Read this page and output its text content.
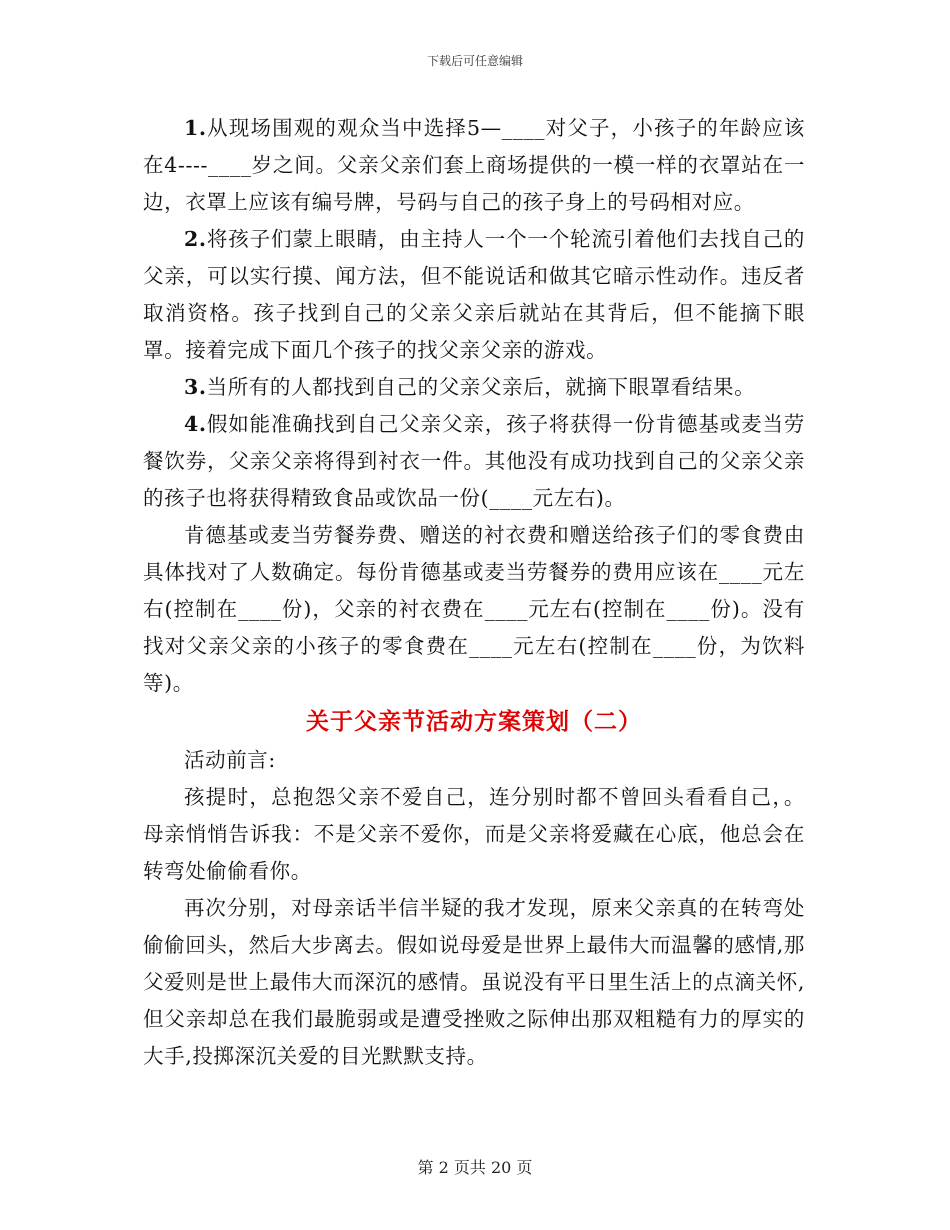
下载后可任意编辑

1.从现场围观的观众当中选择5—____对父子，小孩子的年龄应该在4----____岁之间。父亲父亲们套上商场提供的一模一样的衣罩站在一边，衣罩上应该有编号牌，号码与自己的孩子身上的号码相对应。

2.将孩子们蒙上眼睛，由主持人一个一个轮流引着他们去找自己的父亲，可以实行摸、闻方法，但不能说话和做其它暗示性动作。违反者取消资格。孩子找到自己的父亲父亲后就站在其背后，但不能摘下眼罩。接着完成下面几个孩子的找父亲父亲的游戏。

3.当所有的人都找到自己的父亲父亲后，就摘下眼罩看结果。

4.假如能准确找到自己父亲父亲，孩子将获得一份肯德基或麦当劳餐饮券，父亲父亲将得到衬衣一件。其他没有成功找到自己的父亲父亲的孩子也将获得精致食品或饮品一份(____元左右)。

肯德基或麦当劳餐券费、赠送的衬衣费和赠送给孩子们的零食费由具体找对了人数确定。每份肯德基或麦当劳餐券的费用应该在____元左右(控制在____份)，父亲的衬衣费在____元左右(控制在____份)。没有找对父亲父亲的小孩子的零食费在____元左右(控制在____份，为饮料等)。

关于父亲节活动方案策划（二）

活动前言:

孩提时，总抱怨父亲不爱自己，连分别时都不曾回头看看自己，。母亲悄悄告诉我：不是父亲不爱你，而是父亲将爱藏在心底，他总会在转弯处偷偷看你。

再次分别，对母亲话半信半疑的我才发现，原来父亲真的在转弯处偷偷回头，然后大步离去。假如说母爱是世界上最伟大而温馨的感情,那父爱则是世上最伟大而深沉的感情。虽说没有平日里生活上的点滴关怀,但父亲却总在我们最脆弱或是遭受挫败之际伸出那双粗糙有力的厚实的大手,投掷深沉关爱的目光默默支持。

第 2 页共 20 页
